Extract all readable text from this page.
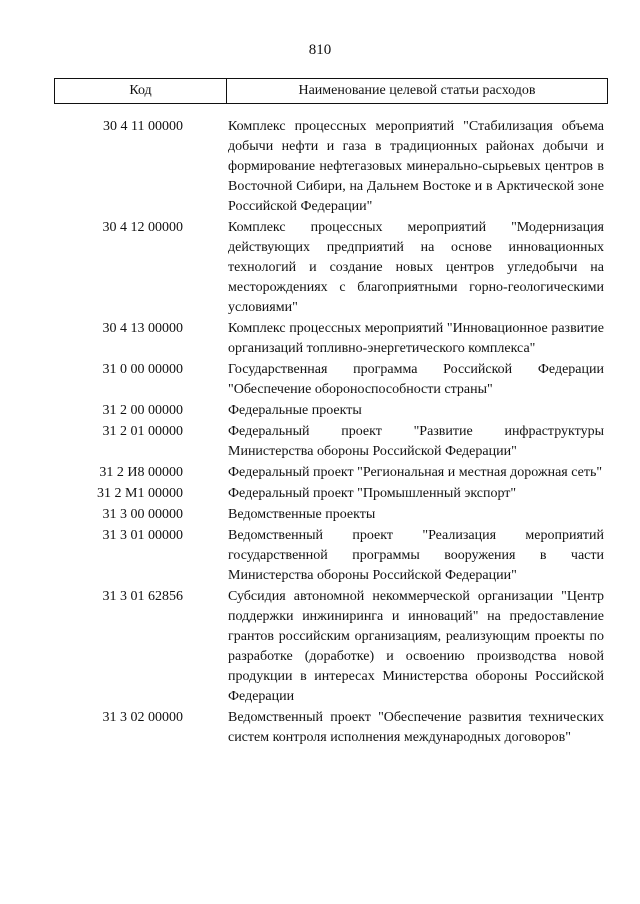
810
Код	Наименование целевой статьи расходов
30 4 11 00000	Комплекс процессных мероприятий "Стабилизация объема добычи нефти и газа в традиционных районах добычи и формирование нефтегазовых минерально-сырьевых центров в Восточной Сибири, на Дальнем Востоке и в Арктической зоне Российской Федерации"
30 4 12 00000	Комплекс процессных мероприятий "Модернизация действующих предприятий на основе инновационных технологий и создание новых центров угледобычи на месторождениях с благоприятными горно-геологическими условиями"
30 4 13 00000	Комплекс процессных мероприятий "Инновационное развитие организаций топливно-энергетического комплекса"
31 0 00 00000	Государственная программа Российской Федерации "Обеспечение обороноспособности страны"
31 2 00 00000	Федеральные проекты
31 2 01 00000	Федеральный проект "Развитие инфраструктуры Министерства обороны Российской Федерации"
31 2 И8 00000	Федеральный проект "Региональная и местная дорожная сеть"
31 2 M1 00000	Федеральный проект "Промышленный экспорт"
31 3 00 00000	Ведомственные проекты
31 3 01 00000	Ведомственный проект "Реализация мероприятий государственной программы вооружения в части Министерства обороны Российской Федерации"
31 3 01 62856	Субсидия автономной некоммерческой организации "Центр поддержки инжиниринга и инноваций" на предоставление грантов российским организациям, реализующим проекты по разработке (доработке) и освоению производства новой продукции в интересах Министерства обороны Российской Федерации
31 3 02 00000	Ведомственный проект "Обеспечение развития технических систем контроля исполнения международных договоров"
